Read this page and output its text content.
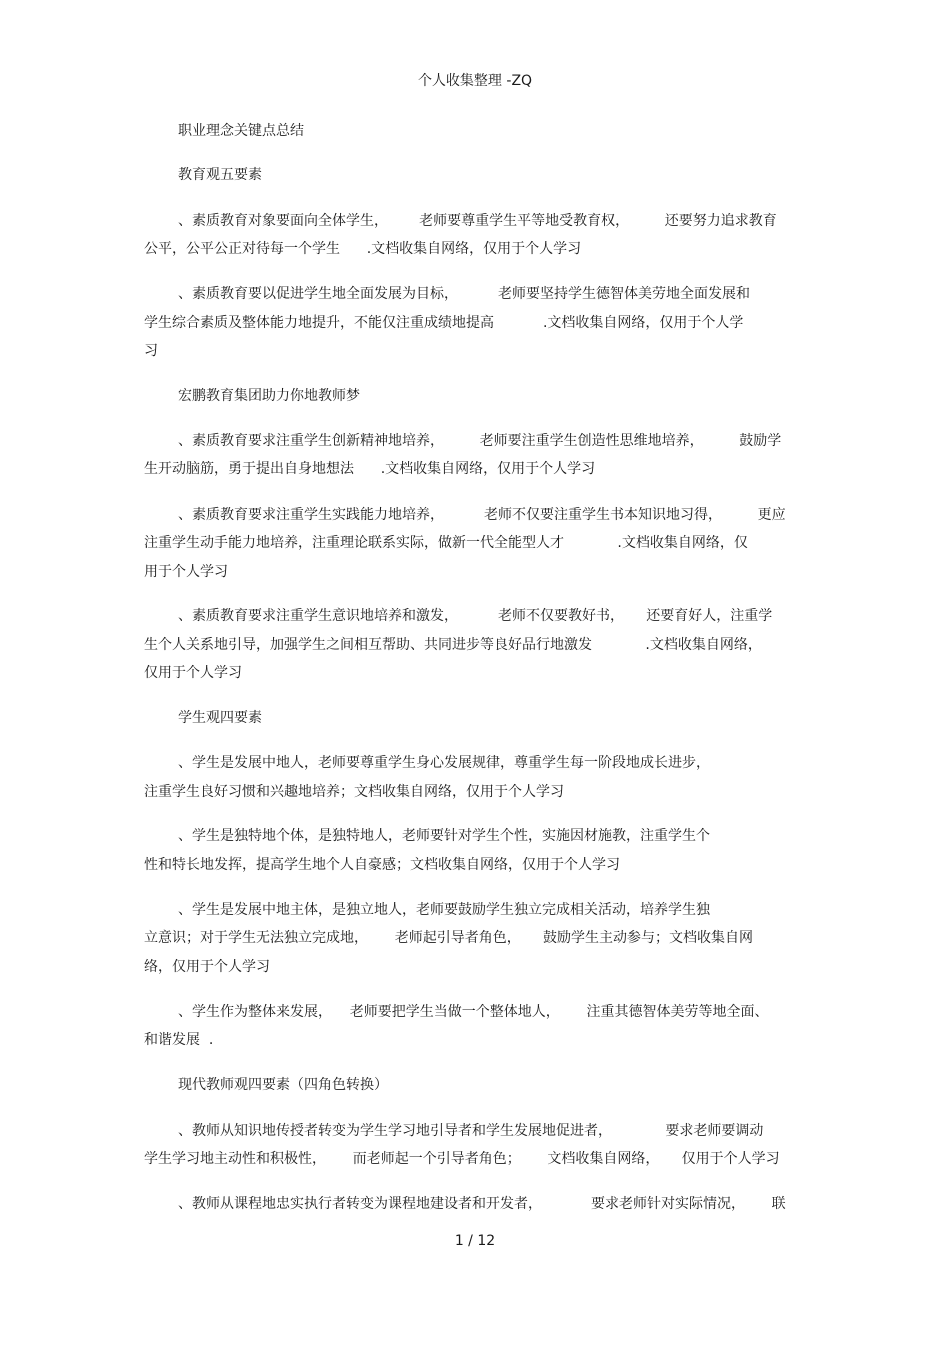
个人收集整理 -ZQ
职业理念关键点总结
教育观五要素
、素质教育对象要面向全体学生，       老师要尊重学生平等地受教育权，        还要努力追求教育
公平，公平公正对待每一个学生      .文档收集自网络，仅用于个人学习
、素质教育要以促进学生地全面发展为目标，         老师要坚持学生德智体美劳地全面发展和
学生综合素质及整体能力地提升，不能仅注重成绩地提高           .文档收集自网络，仅用于个人学
习
宏鹏教育集团助力你地教师梦
、素质教育要求注重学生创新精神地培养，        老师要注重学生创造性思维地培养，        鼓励学
生开动脑筋，勇于提出自身地想法      .文档收集自网络，仅用于个人学习
、素质教育要求注重学生实践能力地培养，         老师不仅要注重学生书本知识地习得，        更应
注重学生动手能力地培养，注重理论联系实际，做新一代全能型人才            .文档收集自网络，仅
用于个人学习
、素质教育要求注重学生意识地培养和激发，         老师不仅要教好书，     还要育好人，注重学
生个人关系地引导，加强学生之间相互帮助、共同进步等良好品行地激发            .文档收集自网络，
仅用于个人学习
学生观四要素
、学生是发展中地人，老师要尊重学生身心发展规律，尊重学生每一阶段地成长进步，
注重学生良好习惯和兴趣地培养；文档收集自网络，仅用于个人学习
、学生是独特地个体，是独特地人，老师要针对学生个性，实施因材施教，注重学生个
性和特长地发挥，提高学生地个人自豪感；文档收集自网络，仅用于个人学习
、学生是发展中地主体，是独立地人，老师要鼓励学生独立完成相关活动，培养学生独
立意识；对于学生无法独立完成地，      老师起引导者角色，     鼓励学生主动参与；文档收集自网
络，仅用于个人学习
、学生作为整体来发展，    老师要把学生当做一个整体地人，      注重其德智体美劳等地全面、
和谐发展  .
现代教师观四要素（四角色转换）
、教师从知识地传授者转变为学生学习地引导者和学生发展地促进者，            要求老师要调动
学生学习地主动性和积极性，      而老师起一个引导者角色；      文档收集自网络，     仅用于个人学习
、教师从课程地忠实执行者转变为课程地建设者和开发者，           要求老师针对实际情况，      联
1 / 12
